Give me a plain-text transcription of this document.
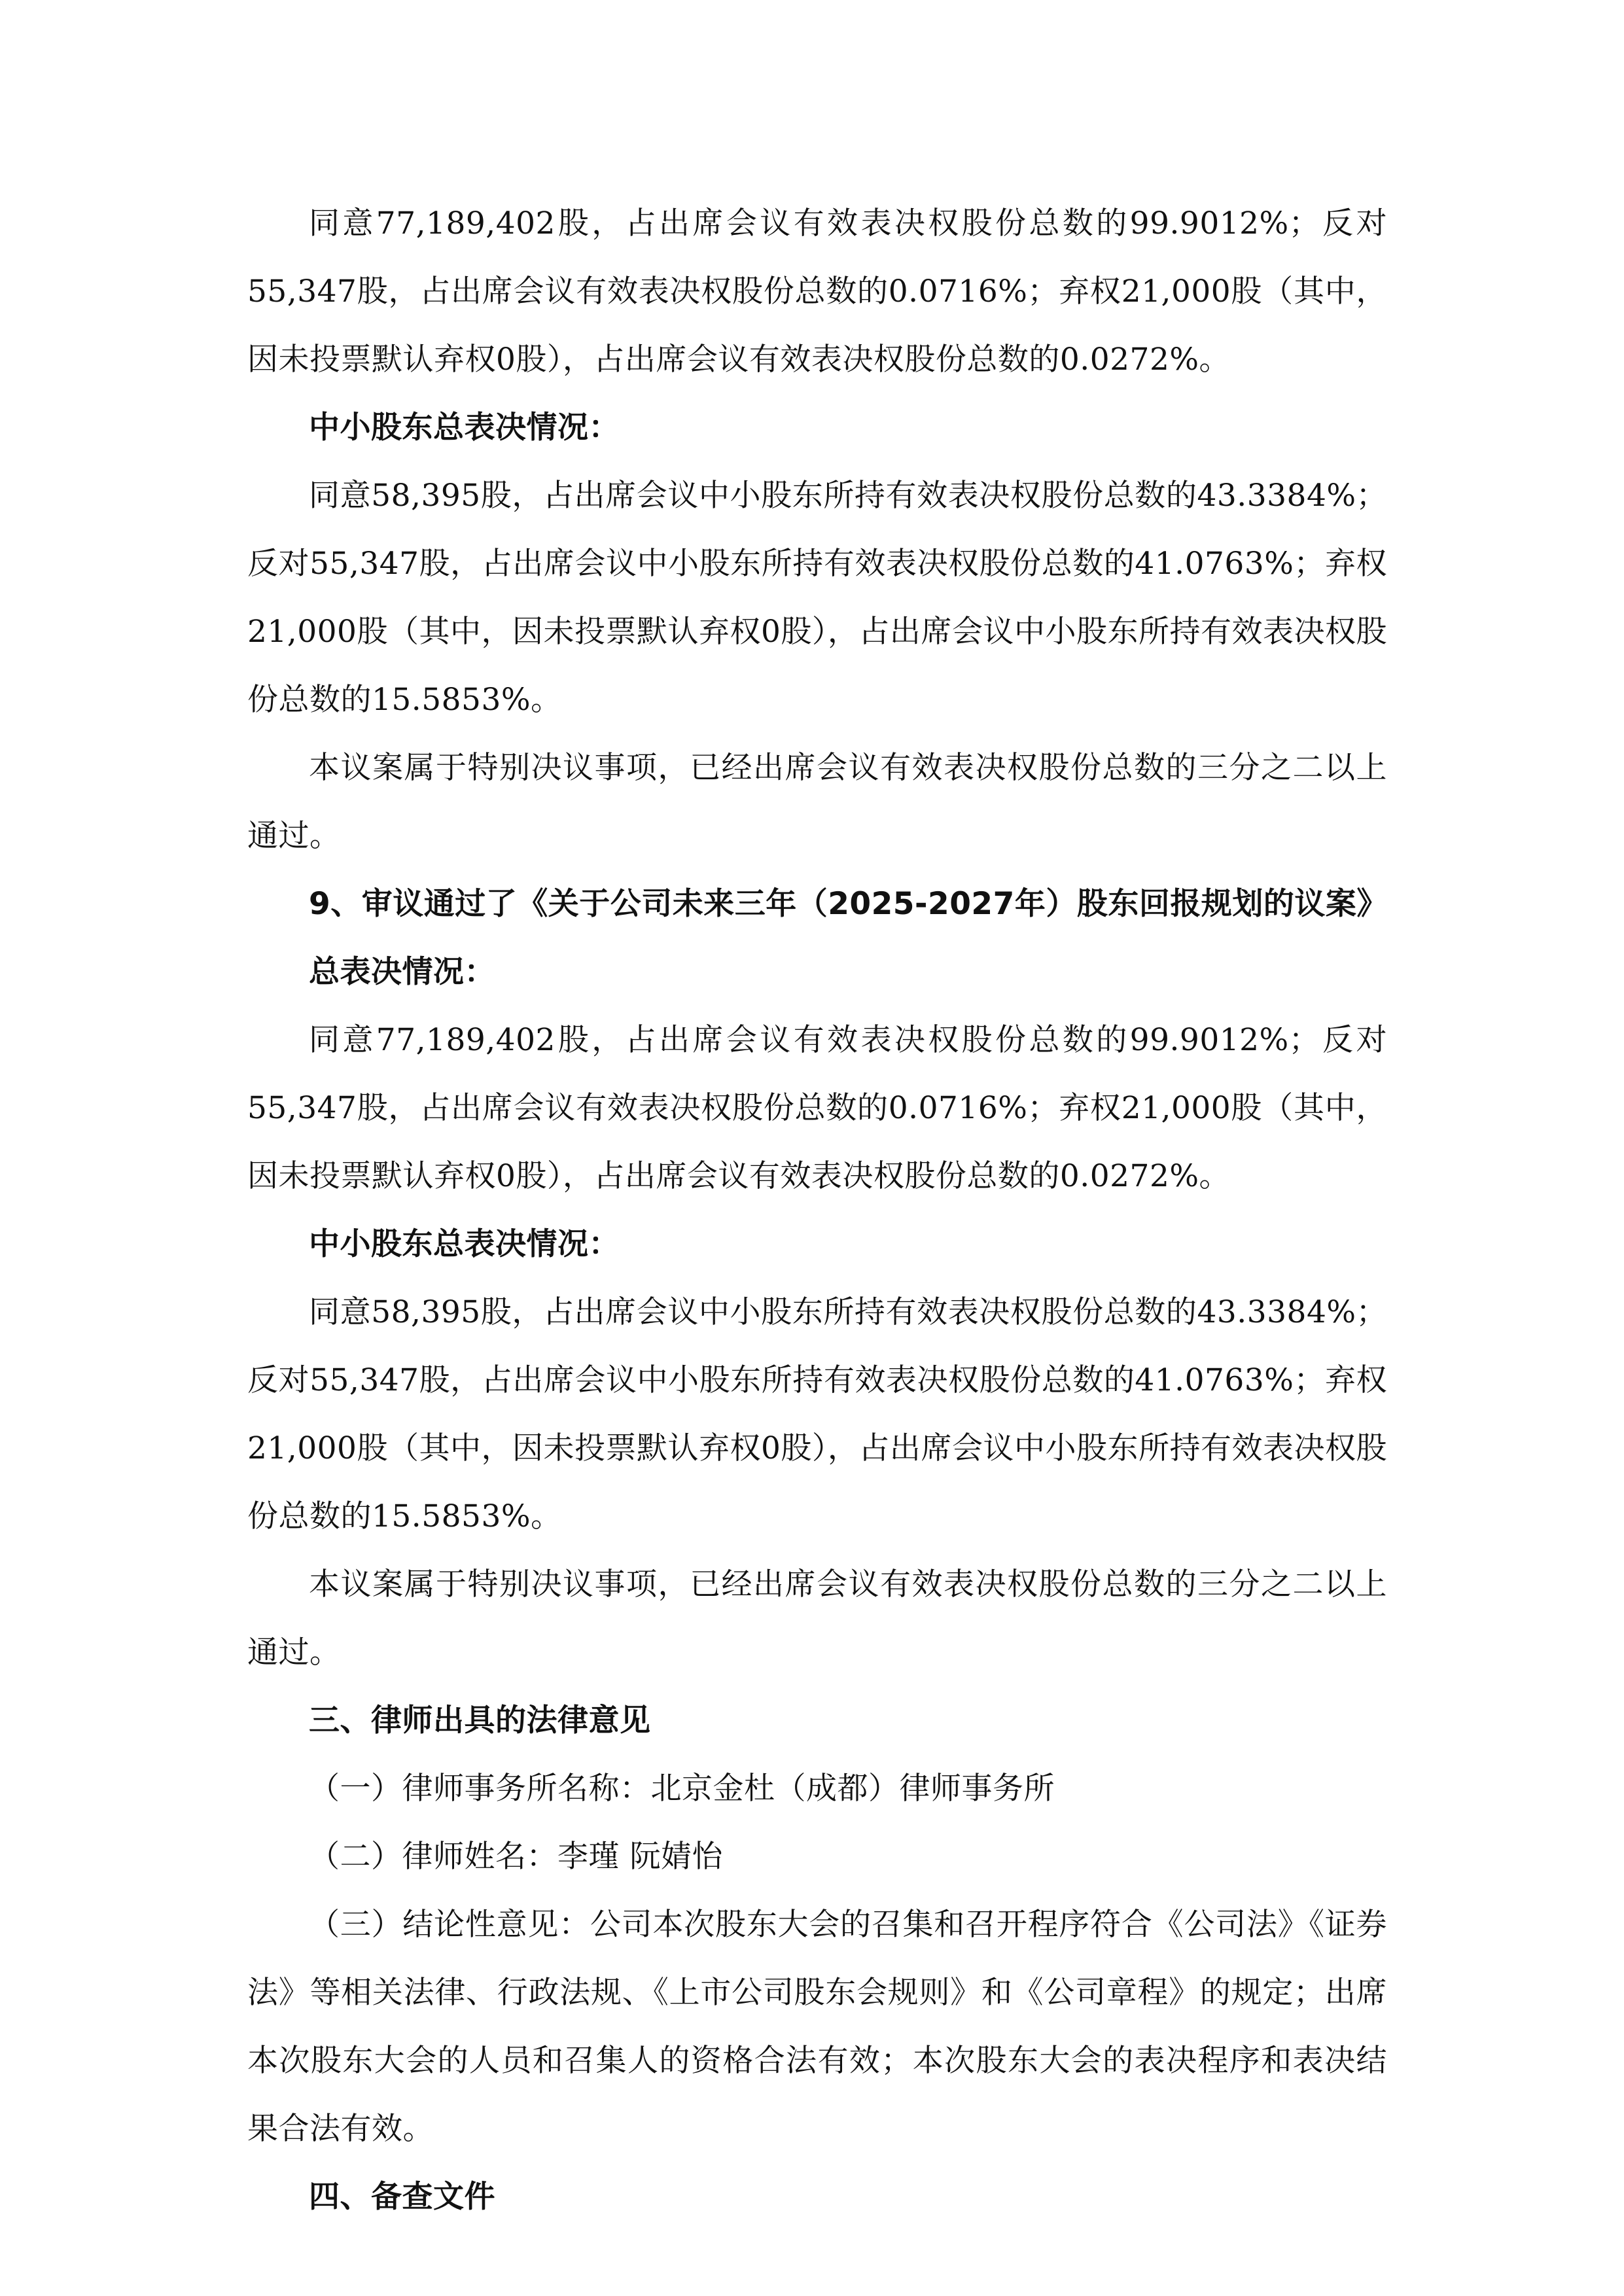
同意77,189,402股，占出席会议有效表决权股份总数的99.9012%；反对55,347股，占出席会议有效表决权股份总数的0.0716%；弃权21,000股（其中，因未投票默认弃权0股），占出席会议有效表决权股份总数的0.0272%。

中小股东总表决情况：

同意58,395股，占出席会议中小股东所持有效表决权股份总数的43.3384%；反对55,347股，占出席会议中小股东所持有效表决权股份总数的41.0763%；弃权21,000股（其中，因未投票默认弃权0股），占出席会议中小股东所持有效表决权股份总数的15.5853%。

本议案属于特别决议事项，已经出席会议有效表决权股份总数的三分之二以上通过。

9、审议通过了《关于公司未来三年（2025-2027年）股东回报规划的议案》

总表决情况：

同意77,189,402股，占出席会议有效表决权股份总数的99.9012%；反对55,347股，占出席会议有效表决权股份总数的0.0716%；弃权21,000股（其中，因未投票默认弃权0股），占出席会议有效表决权股份总数的0.0272%。

中小股东总表决情况：

同意58,395股，占出席会议中小股东所持有效表决权股份总数的43.3384%；反对55,347股，占出席会议中小股东所持有效表决权股份总数的41.0763%；弃权21,000股（其中，因未投票默认弃权0股），占出席会议中小股东所持有效表决权股份总数的15.5853%。

本议案属于特别决议事项，已经出席会议有效表决权股份总数的三分之二以上通过。

三、律师出具的法律意见

（一）律师事务所名称：北京金杜（成都）律师事务所

（二）律师姓名：李瑾 阮婧怡

（三）结论性意见：公司本次股东大会的召集和召开程序符合《公司法》《证券法》等相关法律、行政法规、《上市公司股东会规则》和《公司章程》的规定；出席本次股东大会的人员和召集人的资格合法有效；本次股东大会的表决程序和表决结果合法有效。

四、备查文件
